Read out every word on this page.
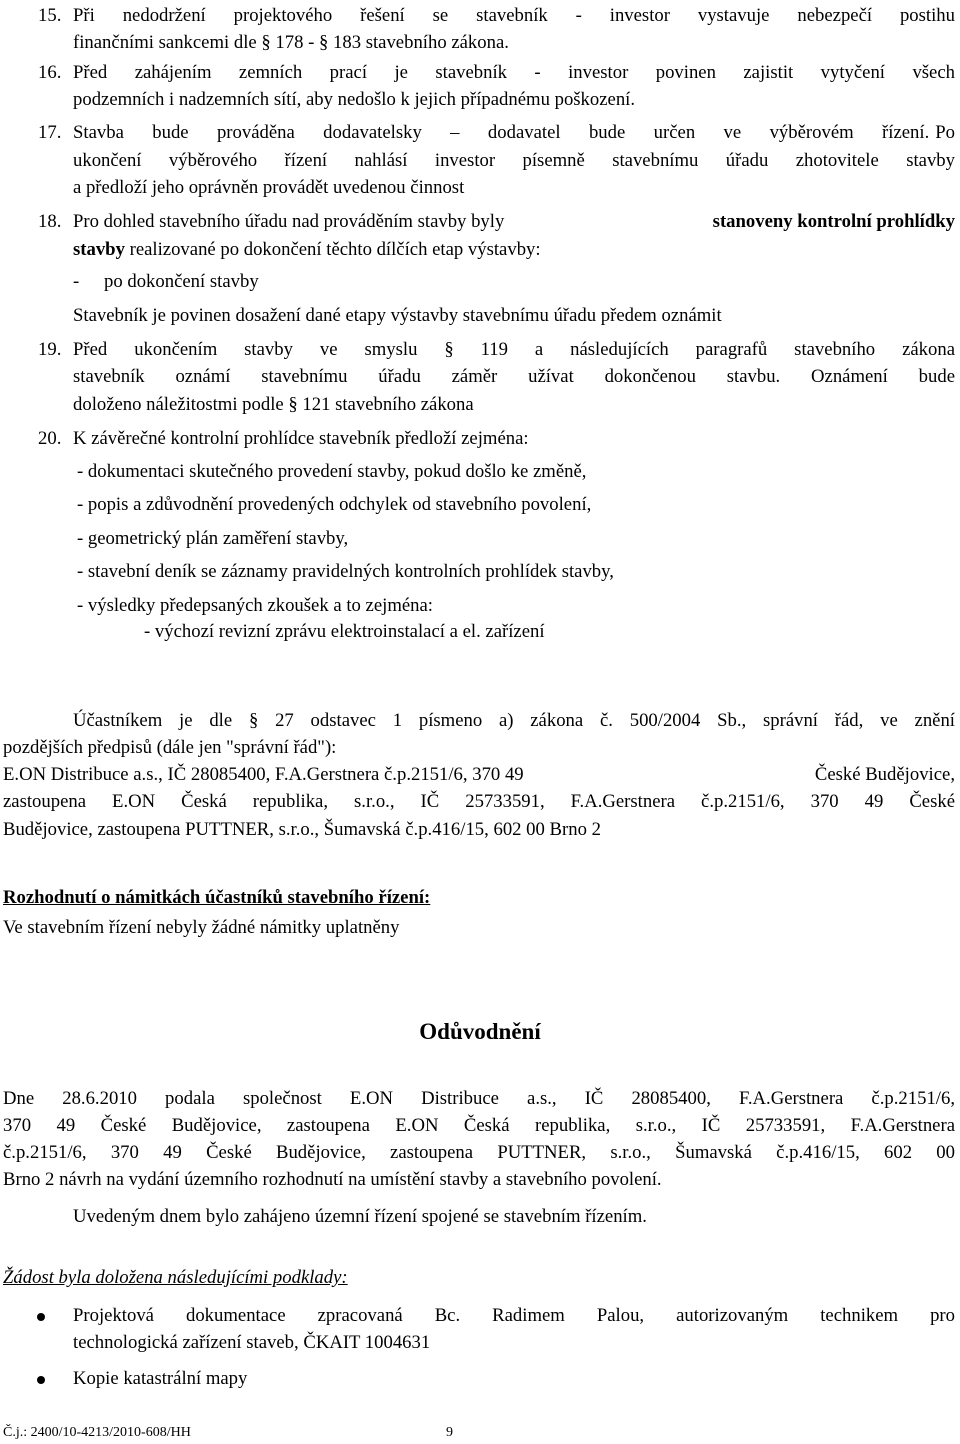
15. Při nedodržení projektového řešení se stavebník - investor vystavuje nebezpečí postihu
finančními sankcemi dle § 178 - § 183 stavebního zákona.
16. Před zahájením zemních prací je stavebník - investor povinen zajistit vytyčení všech
podzemních i nadzemních sítí, aby nedošlo k jejich případnému poškození.
17. Stavba bude prováděna dodavatelsky – dodavatel bude určen ve výběrovém řízení. Po
ukončení výběrového řízení nahlásí investor písemně stavebnímu úřadu zhotovitele stavby
a předloží jeho oprávněn provádět uvedenou činnost
18. Pro dohled stavebního úřadu nad prováděním stavby byly	stanoveny kontrolní prohlídky
stavby realizované po dokončení těchto dílčích etap výstavby:
- po dokončení stavby
Stavebník je povinen dosažení dané etapy výstavby stavebnímu úřadu předem oznámit
19. Před ukončením stavby ve smyslu § 119 a následujících paragrafů stavebního zákona
stavebník oznámí stavebnímu úřadu záměr užívat dokončenou stavbu. Oznámení bude
doloženo náležitostmi podle § 121 stavebního zákona
20. K závěrečné kontrolní prohlídce stavebník předloží zejména:
- dokumentaci skutečného provedení stavby, pokud došlo ke změně,
- popis a zdůvodnění provedených odchylek od stavebního povolení,
- geometrický plán zaměření stavby,
- stavební deník se záznamy pravidelných kontrolních prohlídek stavby,
- výsledky předepsaných zkoušek a to zejména:
- výchozí revizní zprávu elektroinstalací a el. zařízení
Účastníkem je dle § 27 odstavec 1 písmeno a) zákona č. 500/2004 Sb., správní řád, ve znění
pozdějších předpisů (dále jen "správní řád"):
E.ON Distribuce a.s., IČ 28085400, F.A.Gerstnera č.p.2151/6, 370 49	České Budějovice,
zastoupena E.ON Česká republika, s.r.o., IČ 25733591, F.A.Gerstnera č.p.2151/6, 370 49 České
Budějovice, zastoupena PUTTNER, s.r.o., Šumavská č.p.416/15, 602 00 Brno 2
Rozhodnutí o námitkách účastníků stavebního řízení:
Ve stavebním řízení nebyly žádné námitky uplatněny
Odůvodnění
Dne 28.6.2010 podala společnost E.ON Distribuce a.s., IČ 28085400, F.A.Gerstnera č.p.2151/6,
370 49 České Budějovice, zastoupena E.ON Česká republika, s.r.o., IČ 25733591, F.A.Gerstnera
č.p.2151/6, 370 49 České Budějovice, zastoupena PUTTNER, s.r.o., Šumavská č.p.416/15, 602 00
Brno 2 návrh na vydání územního rozhodnutí na umístění stavby a stavebního povolení.
Uvedeným dnem bylo zahájeno územní řízení spojené se stavebním řízením.
Žádost byla doložena následujícími podklady:
Projektová dokumentace zpracovaná Bc. Radimem Palou, autorizovaným technikem pro
technologická zařízení staveb, ČKAIT 1004631
Kopie katastrální mapy
Č.j.: 2400/10-4213/2010-608/HH	9
